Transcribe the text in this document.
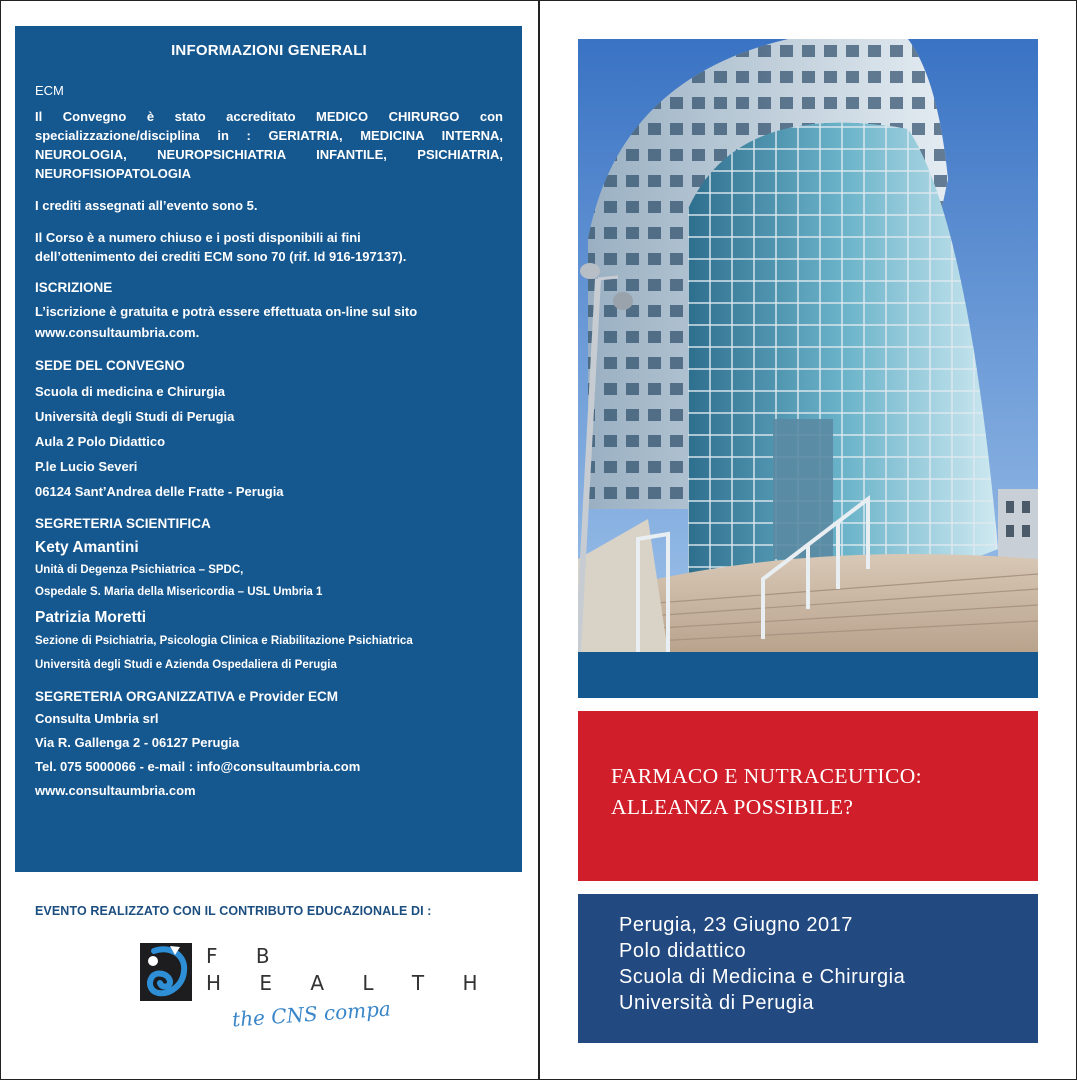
INFORMAZIONI GENERALI
ECM

Il Convegno è stato accreditato MEDICO CHIRURGO con specializzazione/disciplina in : GERIATRIA, MEDICINA INTERNA, NEUROLOGIA, NEUROPSICHIATRIA INFANTILE, PSICHIATRIA, NEUROFISIOPATOLOGIA

I crediti assegnati all’evento sono 5.

Il Corso è a numero chiuso e i posti disponibili ai fini

dell’ottenimento dei crediti ECM sono 70 (rif. Id 916-197137).

ISCRIZIONE

L’iscrizione è gratuita e potrà essere effettuata on-line sul sito

www.consultaumbria.com.

SEDE DEL CONVEGNO

Scuola di medicina e Chirurgia

Università degli Studi di Perugia

Aula 2 Polo Didattico

P.le Lucio Severi

06124 Sant’Andrea delle Fratte - Perugia

SEGRETERIA SCIENTIFICA

Kety Amantini

Unità di Degenza Psichiatrica – SPDC,

Ospedale S. Maria della Misericordia – USL Umbria 1

Patrizia Moretti

Sezione di Psichiatria, Psicologia Clinica e Riabilitazione Psichiatrica

Università degli Studi e Azienda Ospedaliera di Perugia

SEGRETERIA ORGANIZZATIVA e Provider ECM

Consulta Umbria srl

Via R. Gallenga 2 - 06127 Perugia

Tel. 075 5000066 - e-mail : info@consultaumbria.com

www.consultaumbria.com

EVENTO REALIZZATO CON IL CONTRIBUTO EDUCAZIONALE DI :
F B
H E A L T H
the CNS compa
FARMACO E NUTRACEUTICO:
ALLEANZA POSSIBILE?
Perugia, 23 Giugno 2017
Polo didattico
Scuola di Medicina e Chirurgia
Università di Perugia
